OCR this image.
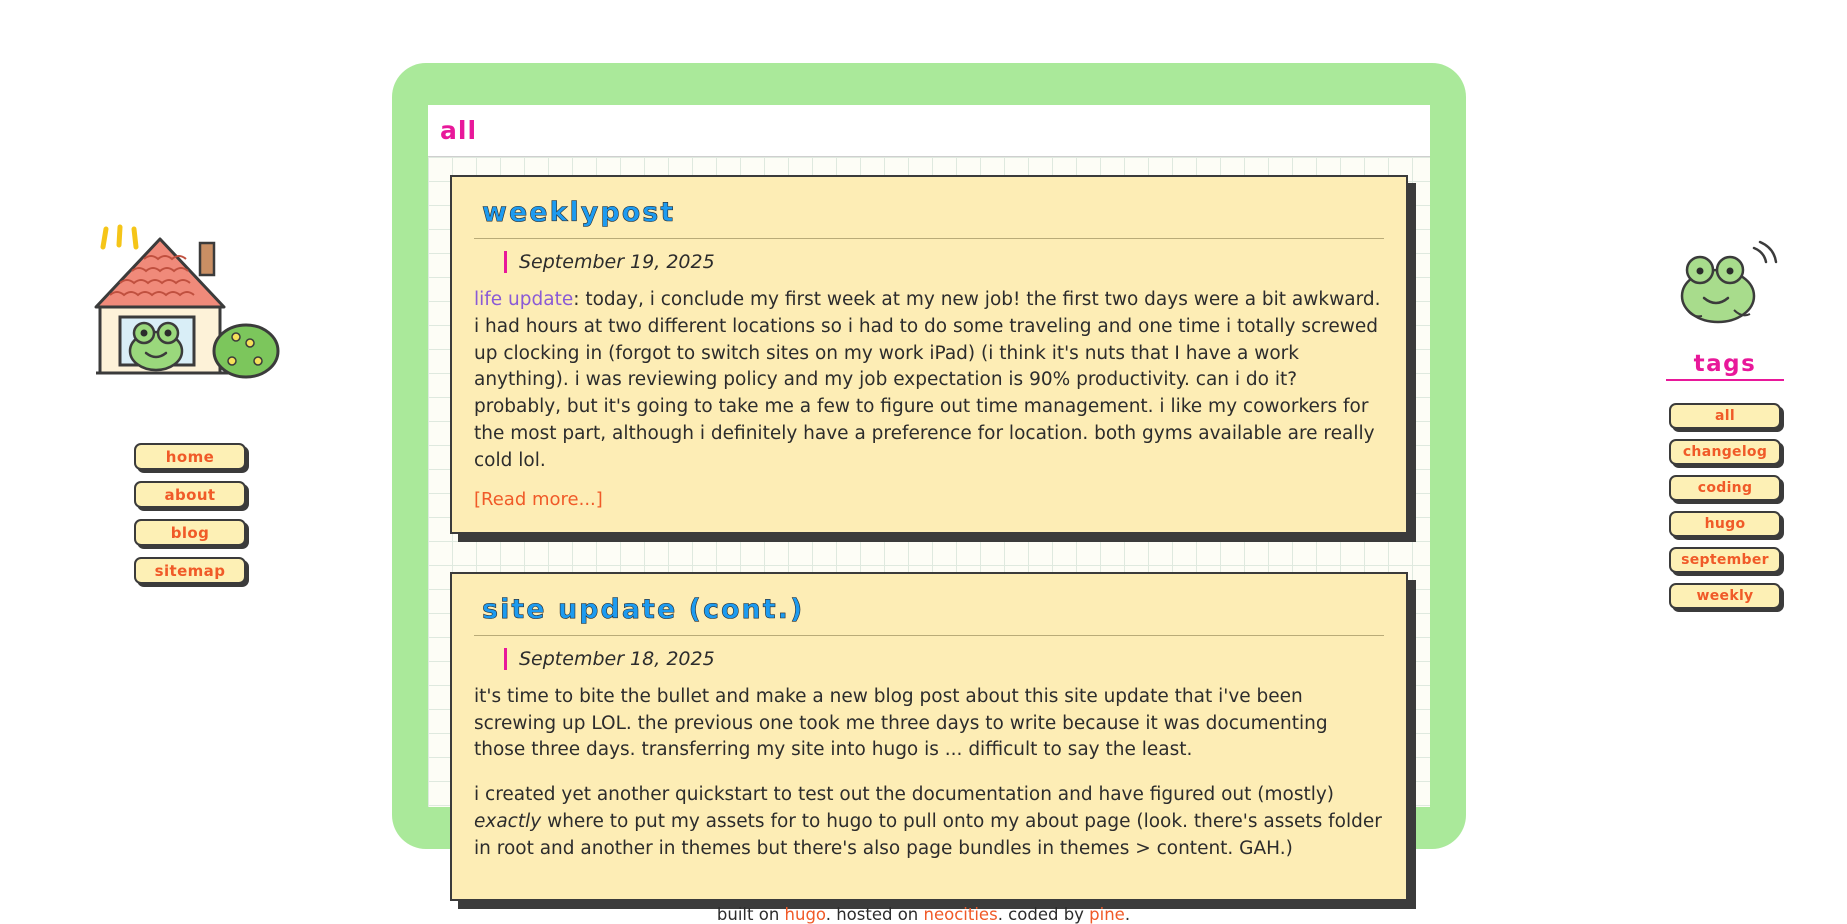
home
about
blog
sitemap
all
weeklypost
September 19, 2025

life update: today, i conclude my first week at my new job! the first two days were a bit awkward. i had hours at two different locations so i had to do some traveling and one time i totally screwed up clocking in (forgot to switch sites on my work iPad) (i think it's nuts that I have a work anything). i was reviewing policy and my job expectation is 90% productivity. can i do it? probably, but it's going to take me a few to figure out time management. i like my coworkers for the most part, although i definitely have a preference for location. both gyms available are really cold lol.

[Read more...]
site update (cont.)
September 18, 2025

it's time to bite the bullet and make a new blog post about this site update that i've been screwing up LOL. the previous one took me three days to write because it was documenting those three days. transferring my site into hugo is ... difficult to say the least.

i created yet another quickstart to test out the documentation and have figured out (mostly) exactly where to put my assets for to hugo to pull onto my about page (look. there's assets folder in root and another in themes but there's also page bundles in themes > content. GAH.)

tags
all
changelog
coding
hugo
september
weekly
built on hugo. hosted on neocities. coded by pine.
